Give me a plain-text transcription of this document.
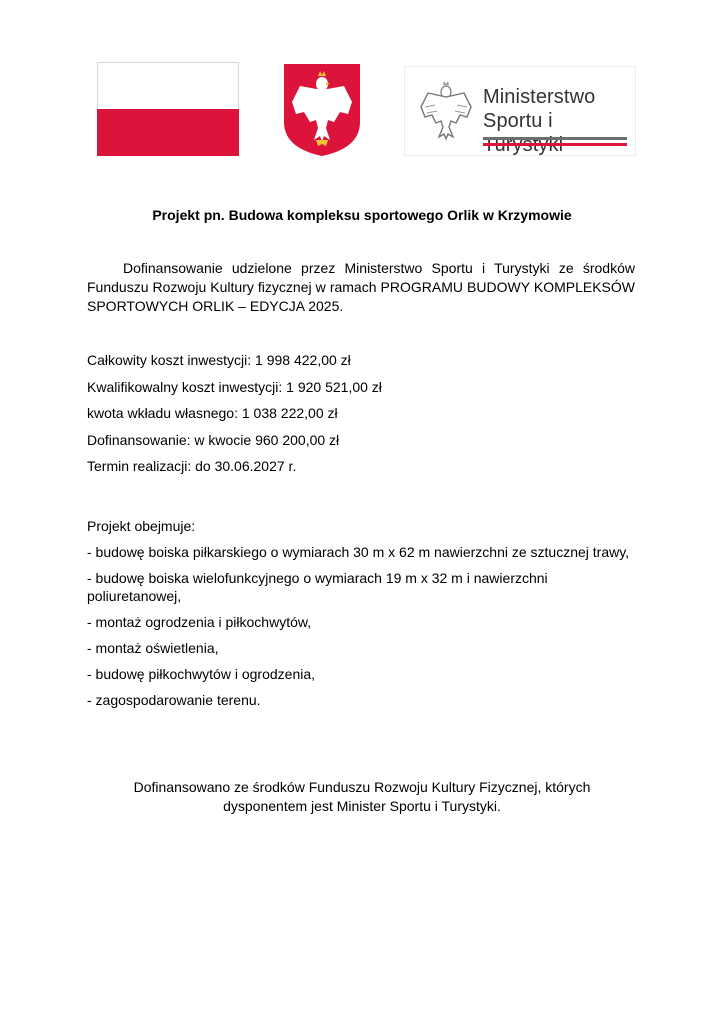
Ministerstwo
Sportu i
Projekt pn. Budowa kompleksu sportowego Orlik w Krzymowie

Dofinansowanie udzielone przez Ministerstwo Sportu i Turystyki ze środków Funduszu Rozwoju Kultury fizycznej w ramach PROGRAMU BUDOWY KOMPLEKSÓW SPORTOWYCH ORLIK – EDYCJA 2025.

Całkowity koszt inwestycji: 1 998 422,00 zł

Kwalifikowalny koszt inwestycji: 1 920 521,00 zł

kwota wkładu własnego: 1 038 222,00 zł

Dofinansowanie: w kwocie 960 200,00 zł

Termin realizacji: do 30.06.2027 r.

Projekt obejmuje:

- budowę boiska piłkarskiego o wymiarach 30 m x 62 m nawierzchni ze sztucznej trawy,
- budowę boiska wielofunkcyjnego o wymiarach 19 m x 32 m i nawierzchni poliuretanowej,
- montaż ogrodzenia i piłkochwytów,
- montaż oświetlenia,
- budowę piłkochwytów i ogrodzenia,
- zagospodarowanie terenu.
Dofinansowano ze środków Funduszu Rozwoju Kultury Fizycznej, których
dysponentem jest Minister Sportu i Turystyki.
